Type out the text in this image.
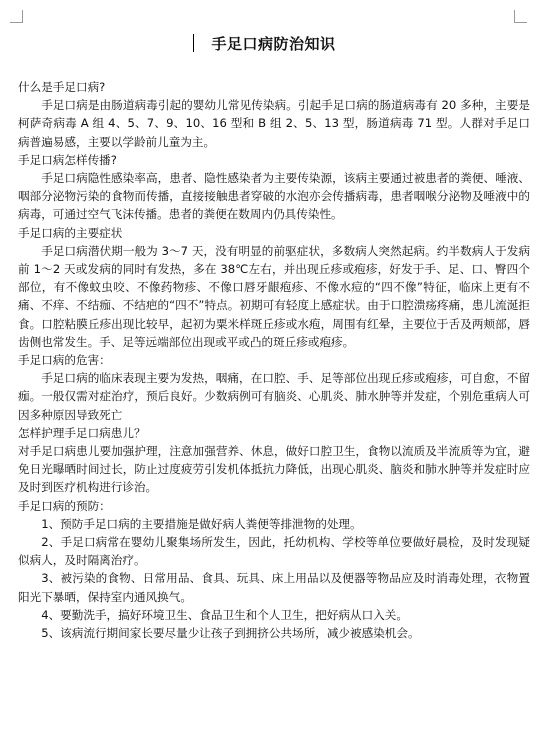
手足口病防治知识

什么是手足口病?

手足口病是由肠道病毒引起的婴幼儿常见传染病。引起手足口病的肠道病毒有 20 多种，主要是柯萨奇病毒 A 组 4、5、7、9、10、16 型和 B 组 2、5、13 型，肠道病毒 71 型。人群对手足口病普遍易感，主要以学龄前儿童为主。

手足口病怎样传播?

手足口病隐性感染率高，患者、隐性感染者为主要传染源，该病主要通过被患者的粪便、唾液、咽部分泌物污染的食物而传播，直接接触患者穿破的水泡亦会传播病毒，患者咽喉分泌物及唾液中的病毒，可通过空气飞沫传播。患者的粪便在数周内仍具传染性。

手足口病的主要症状

手足口病潜伏期一般为 3～7 天，没有明显的前驱症状，多数病人突然起病。约半数病人于发病前 1～2 天或发病的同时有发热，多在 38℃左右，并出现丘疹或疱疹，好发于手、足、口、臀四个部位，有不像蚊虫咬、不像药物疹、不像口唇牙龈疱疹、不像水痘的“四不像”特征，临床上更有不痛、不痒、不结痂、不结疤的“四不”特点。初期可有轻度上感症状。由于口腔溃疡疼痛，患儿流涎拒食。口腔粘膜丘疹出现比较早，起初为粟米样斑丘疹或水疱，周围有红晕，主要位于舌及两颊部，唇齿侧也常发生。手、足等远端部位出现或平或凸的斑丘疹或疱疹。

手足口病的危害：

手足口病的临床表现主要为发热，咽痛，在口腔、手、足等部位出现丘疹或疱疹，可自愈，不留痂。一般仅需对症治疗，预后良好。少数病例可有脑炎、心肌炎、肺水肿等并发症，个别危重病人可因多种原因导致死亡

怎样护理手足口病患儿？

对手足口病患儿要加强护理，注意加强营养、休息，做好口腔卫生，食物以流质及半流质等为宜，避免日光曝晒时间过长，防止过度疲劳引发机体抵抗力降低，出现心肌炎、脑炎和肺水肿等并发症时应及时到医疗机构进行诊治。

手足口病的预防：

1、预防手足口病的主要措施是做好病人粪便等排泄物的处理。

2、手足口病常在婴幼儿聚集场所发生，因此，托幼机构、学校等单位要做好晨检，及时发现疑似病人，及时隔离治疗。

3、被污染的食物、日常用品、食具、玩具、床上用品以及便器等物品应及时消毒处理，衣物置阳光下暴晒，保持室内通风换气。

4、要勤洗手，搞好环境卫生、食品卫生和个人卫生，把好病从口入关。

5、该病流行期间家长要尽量少让孩子到拥挤公共场所，减少被感染机会。
